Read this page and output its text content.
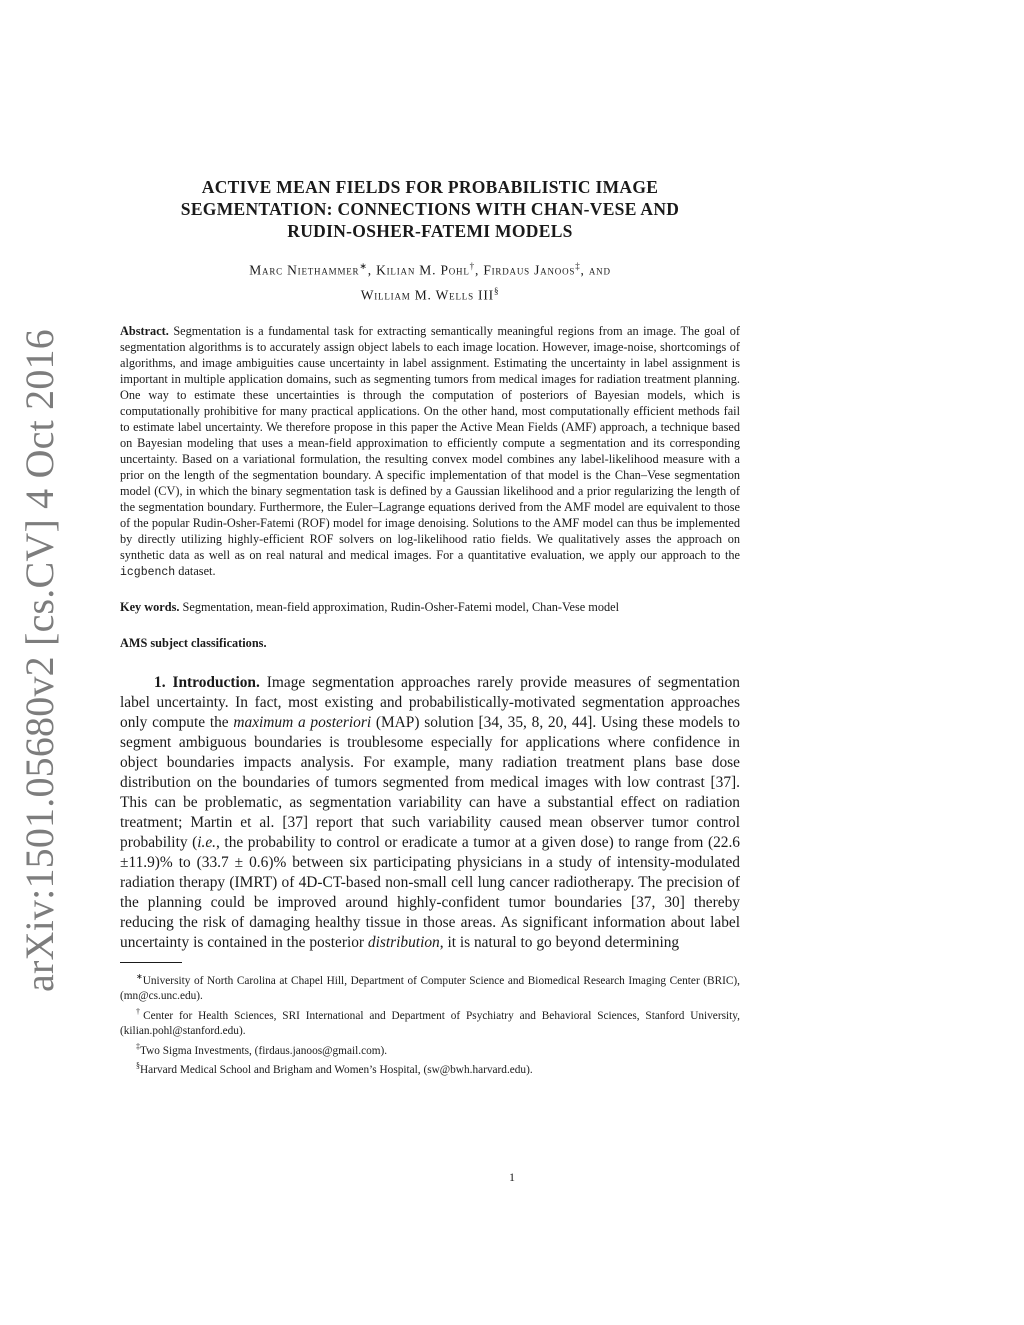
arXiv:1501.05680v2 [cs.CV] 4 Oct 2016
ACTIVE MEAN FIELDS FOR PROBABILISTIC IMAGE
SEGMENTATION: CONNECTIONS WITH CHAN-VESE AND
RUDIN-OSHER-FATEMI MODELS
Marc Niethammer∗, Kilian M. Pohl†, Firdaus Janoos‡, and
William M. Wells III§
Abstract. Segmentation is a fundamental task for extracting semantically meaningful regions from an image. The goal of segmentation algorithms is to accurately assign object labels to each image location. However, image-noise, shortcomings of algorithms, and image ambiguities cause uncertainty in label assignment. Estimating the uncertainty in label assignment is important in multiple application domains, such as segmenting tumors from medical images for radiation treatment planning. One way to estimate these uncertainties is through the computation of posteriors of Bayesian models, which is computationally prohibitive for many practical applications. On the other hand, most computationally efficient methods fail to estimate label uncertainty. We therefore propose in this paper the Active Mean Fields (AMF) approach, a technique based on Bayesian modeling that uses a mean-field approximation to efficiently compute a segmentation and its corresponding uncertainty. Based on a variational formulation, the resulting convex model combines any label-likelihood measure with a prior on the length of the segmentation boundary. A specific implementation of that model is the Chan–Vese segmentation model (CV), in which the binary segmentation task is defined by a Gaussian likelihood and a prior regularizing the length of the segmentation boundary. Furthermore, the Euler–Lagrange equations derived from the AMF model are equivalent to those of the popular Rudin-Osher-Fatemi (ROF) model for image denoising. Solutions to the AMF model can thus be implemented by directly utilizing highly-efficient ROF solvers on log-likelihood ratio fields. We qualitatively asses the approach on synthetic data as well as on real natural and medical images. For a quantitative evaluation, we apply our approach to the icgbench dataset.
Key words. Segmentation, mean-field approximation, Rudin-Osher-Fatemi model, Chan-Vese model
AMS subject classifications.
1. Introduction. Image segmentation approaches rarely provide measures of segmentation label uncertainty. In fact, most existing and probabilistically-motivated segmentation approaches only compute the maximum a posteriori (MAP) solution [34, 35, 8, 20, 44]. Using these models to segment ambiguous boundaries is troublesome especially for applications where confidence in object boundaries impacts analysis. For example, many radiation treatment plans base dose distribution on the boundaries of tumors segmented from medical images with low contrast [37]. This can be problematic, as segmentation variability can have a substantial effect on radiation treatment; Martin et al. [37] report that such variability caused mean observer tumor control probability (i.e., the probability to control or eradicate a tumor at a given dose) to range from (22.6 ±11.9)% to (33.7 ± 0.6)% between six participating physicians in a study of intensity-modulated radiation therapy (IMRT) of 4D-CT-based non-small cell lung cancer radiotherapy. The precision of the planning could be improved around highly-confident tumor boundaries [37, 30] thereby reducing the risk of damaging healthy tissue in those areas. As significant information about label uncertainty is contained in the posterior distribution, it is natural to go beyond determining
∗University of North Carolina at Chapel Hill, Department of Computer Science and Biomedical Research Imaging Center (BRIC), (mn@cs.unc.edu).
†Center for Health Sciences, SRI International and Department of Psychiatry and Behavioral Sciences, Stanford University, (kilian.pohl@stanford.edu).
‡Two Sigma Investments, (firdaus.janoos@gmail.com).
§Harvard Medical School and Brigham and Women’s Hospital, (sw@bwh.harvard.edu).
1
